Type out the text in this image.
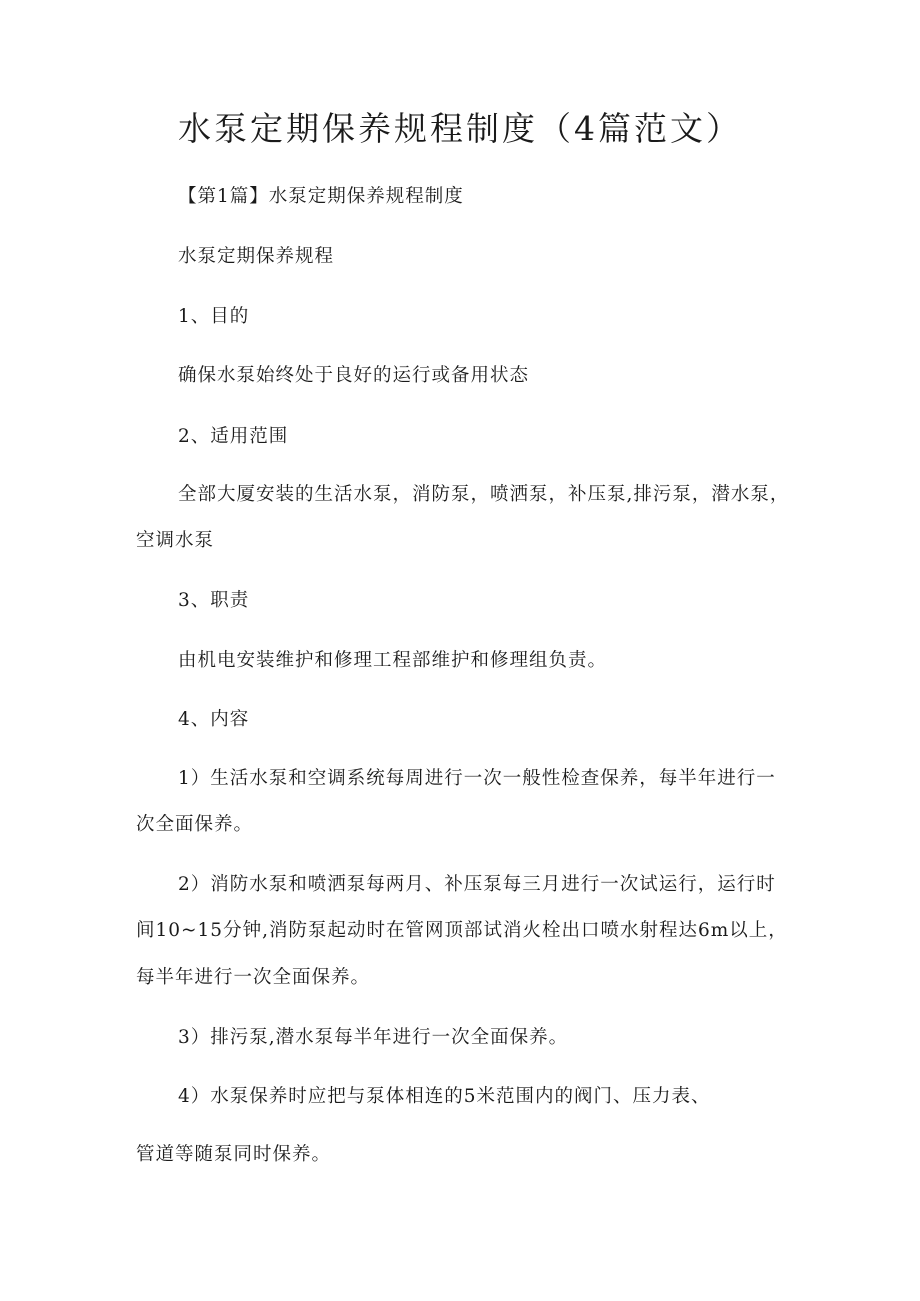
水泵定期保养规程制度（4篇范文）

【第1篇】水泵定期保养规程制度

水泵定期保养规程

1、目的

确保水泵始终处于良好的运行或备用状态

2、适用范围

全部大厦安装的生活水泵，消防泵，喷洒泵，补压泵,排污泵，潜水泵，

空调水泵

3、职责

由机电安装维护和修理工程部维护和修理组负责。

4、内容

1）生活水泵和空调系统每周进行一次一般性检查保养，每半年进行一

次全面保养。

2）消防水泵和喷洒泵每两月、补压泵每三月进行一次试运行，运行时

间10~15分钟,消防泵起动时在管网顶部试消火栓出口喷水射程达6m以上，

每半年进行一次全面保养。

3）排污泵,潜水泵每半年进行一次全面保养。

4）水泵保养时应把与泵体相连的5米范围内的阀门、压力表、

管道等随泵同时保养。
